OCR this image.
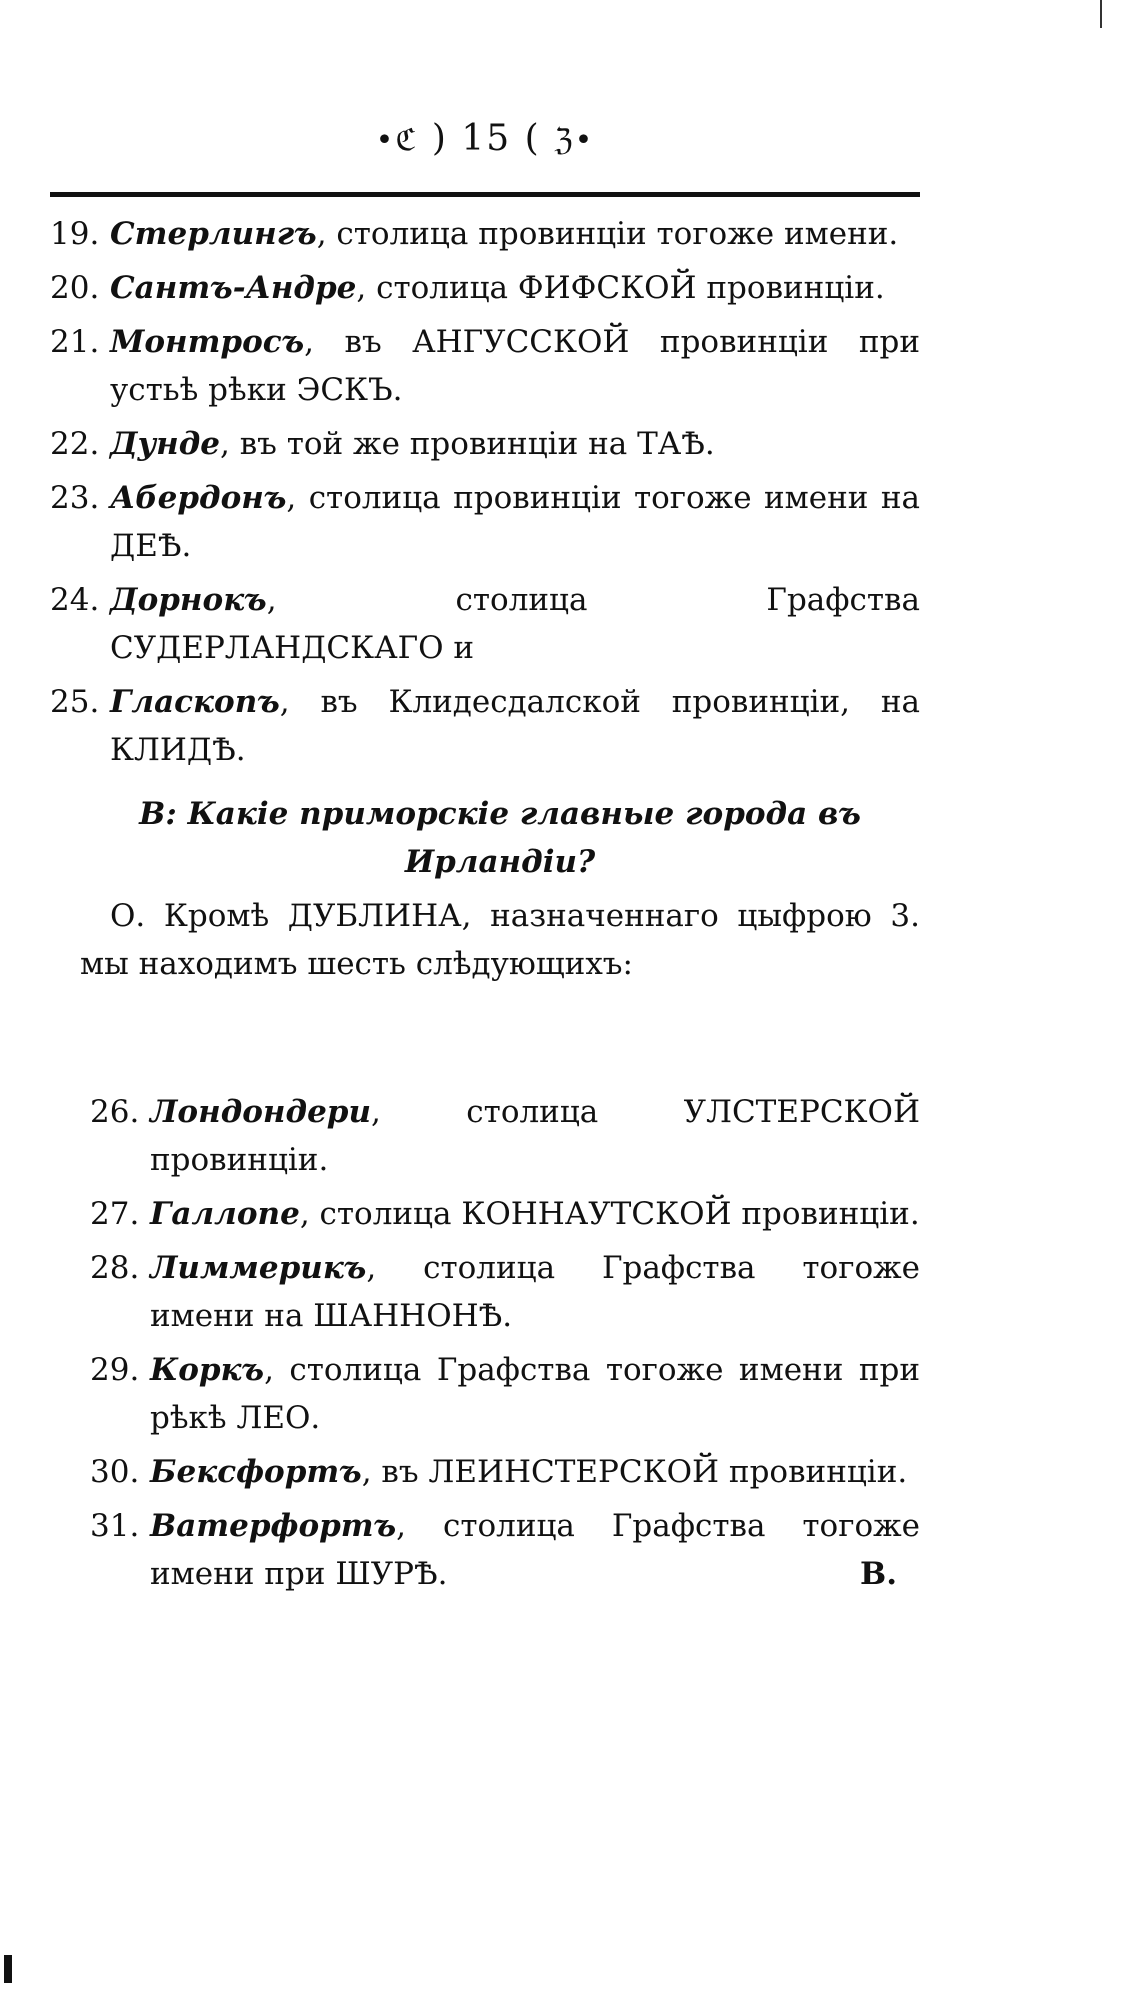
•ℭ ) 15 ( ℨ•

19. Стерлингъ, столица провинціи тогоже имени.

20. Сантъ-Андре, столица ФИФСКОЙ провинціи.

21. Монтросъ, въ АНГУССКОЙ провинціи при устьѣ рѣки ЭСКЪ.

22. Дунде, въ той же провинціи на ТАѢ.

23. Абердонъ, столица провинціи тогоже имени на ДЕѢ.

24. Дорнокъ, столица Графства СУДЕРЛАНДСКАГО и

25. Гласкопъ, въ Клидесдалской провинціи, на КЛИДѢ.

В: Какіе приморскіе главные города въ Ирландіи?

О. Кромѣ ДУБЛИНА, назначеннаго цыфрою 3. мы находимъ шесть слѣдующихъ:

26. Лондондери, столица УЛСТЕРСКОЙ провинціи.

27. Галлопе, столица КОННАУТСКОЙ провинціи.

28. Лиммерикъ, столица Графства тогоже имени на ШАННОНѢ.

29. Коркъ, столица Графства тогоже имени при рѣкѣ ЛЕО.

30. Бексфортъ, въ ЛЕИНСТЕРСКОЙ провинціи.

31. Ватерфортъ, столица Графства тогоже имени при ШУРѢ.	В.
